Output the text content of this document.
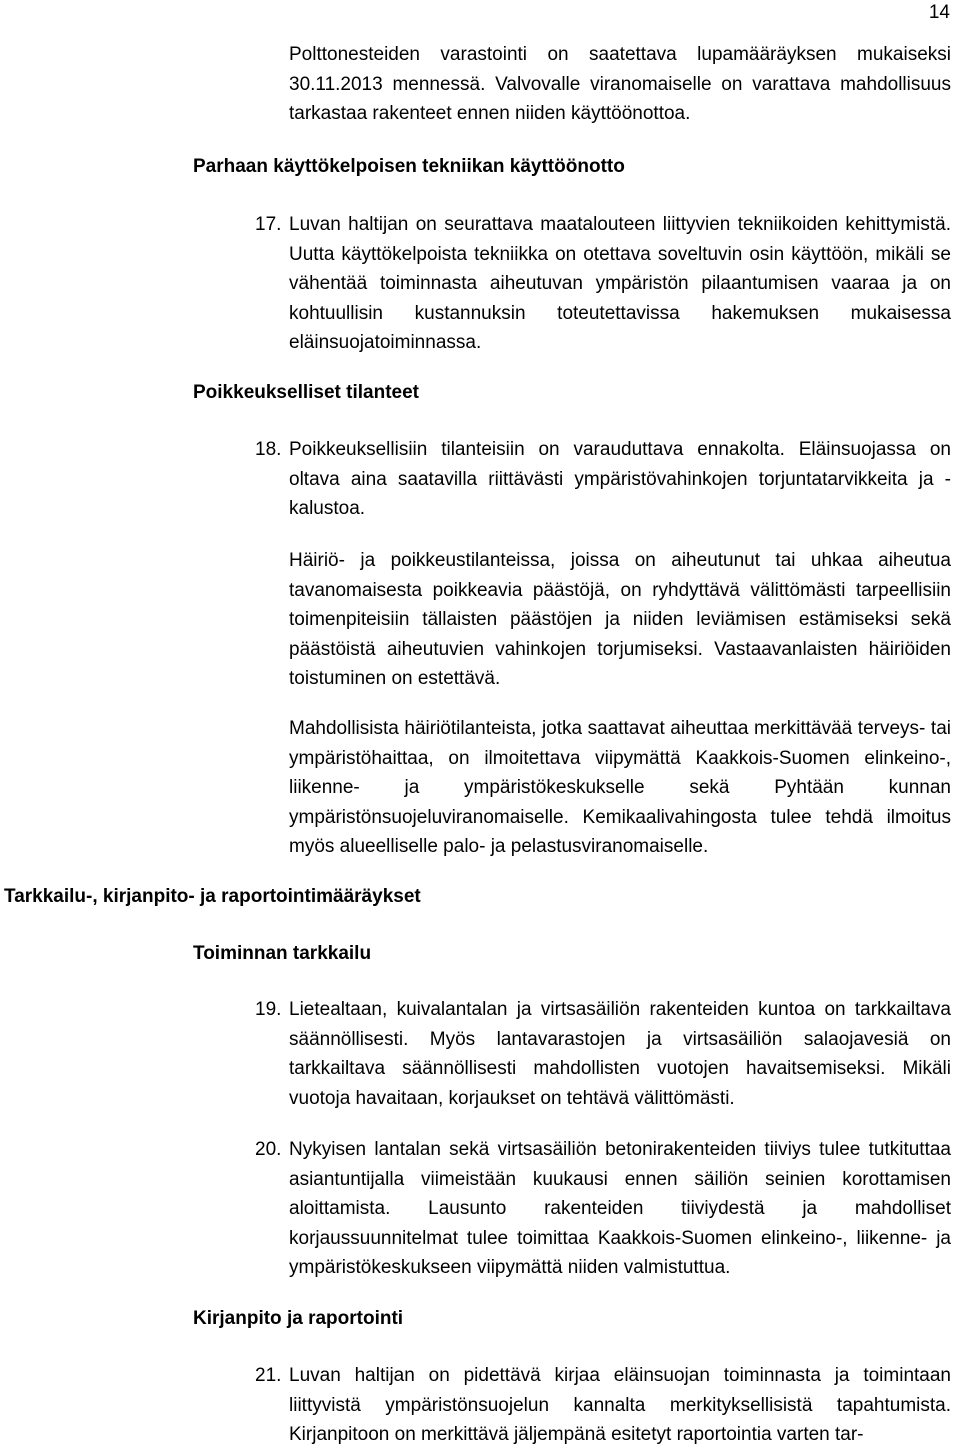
14
Polttonesteiden varastointi on saatettava lupamääräyksen mukaiseksi 30.11.2013 mennessä. Valvovalle viranomaiselle on varattava mahdollisuus tarkastaa rakenteet ennen niiden käyttöönottoa.
Parhaan käyttökelpoisen tekniikan käyttöönotto
17. Luvan haltijan on seurattava maatalouteen liittyvien tekniikoiden kehittymistä. Uutta käyttökelpoista tekniikka on otettava soveltuvin osin käyttöön, mikäli se vähentää toiminnasta aiheutuvan ympäristön pilaantumisen vaaraa ja on kohtuullisin kustannuksin toteutettavissa hakemuksen mukaisessa eläinsuojatoiminnassa.
Poikkeukselliset tilanteet
18. Poikkeuksellisiin tilanteisiin on varauduttava ennakolta. Eläinsuojassa on oltava aina saatavilla riittävästi ympäristövahinkojen torjuntatarvikkeita ja -kalustoa.
Häiriö- ja poikkeustilanteissa, joissa on aiheutunut tai uhkaa aiheutua tavanomaisesta poikkeavia päästöjä, on ryhdyttävä välittömästi tarpeellisiin toimenpiteisiin tällaisten päästöjen ja niiden leviämisen estämiseksi sekä päästöistä aiheutuvien vahinkojen torjumiseksi. Vastaavanlaisten häiriöiden toistuminen on estettävä.
Mahdollisista häiriötilanteista, jotka saattavat aiheuttaa merkittävää terveys- tai ympäristöhaittaa, on ilmoitettava viipymättä Kaakkois-Suomen elinkeino-, liikenne- ja ympäristökeskukselle sekä Pyhtään kunnan ympäristönsuojeluviranomaiselle. Kemikaalivahingosta tulee tehdä ilmoitus myös alueelliselle palo- ja pelastusviranomaiselle.
Tarkkailu-, kirjanpito- ja raportointimääräykset
Toiminnan tarkkailu
19. Lietealtaan, kuivalantalan ja virtsasäiliön rakenteiden kuntoa on tarkkailtava säännöllisesti. Myös lantavarastojen ja virtsasäiliön salaojavesiä on tarkkailtava säännöllisesti mahdollisten vuotojen havaitsemiseksi. Mikäli vuotoja havaitaan, korjaukset on tehtävä välittömästi.
20. Nykyisen lantalan sekä virtsasäiliön betonirakenteiden tiiviys tulee tutkituttaa asiantuntijalla viimeistään kuukausi ennen säiliön seinien korottamisen aloittamista. Lausunto rakenteiden tiiviydestä ja mahdolliset korjaussuunnitelmat tulee toimittaa Kaakkois-Suomen elinkeino-, liikenne- ja ympäristökeskukseen viipymättä niiden valmistuttua.
Kirjanpito ja raportointi
21. Luvan haltijan on pidettävä kirjaa eläinsuojan toiminnasta ja toimintaan liittyvistä ympäristönsuojelun kannalta merkityksellisistä tapahtumista. Kirjanpitoon on merkittävä jäljempänä esitetyt raportointia varten tar-
